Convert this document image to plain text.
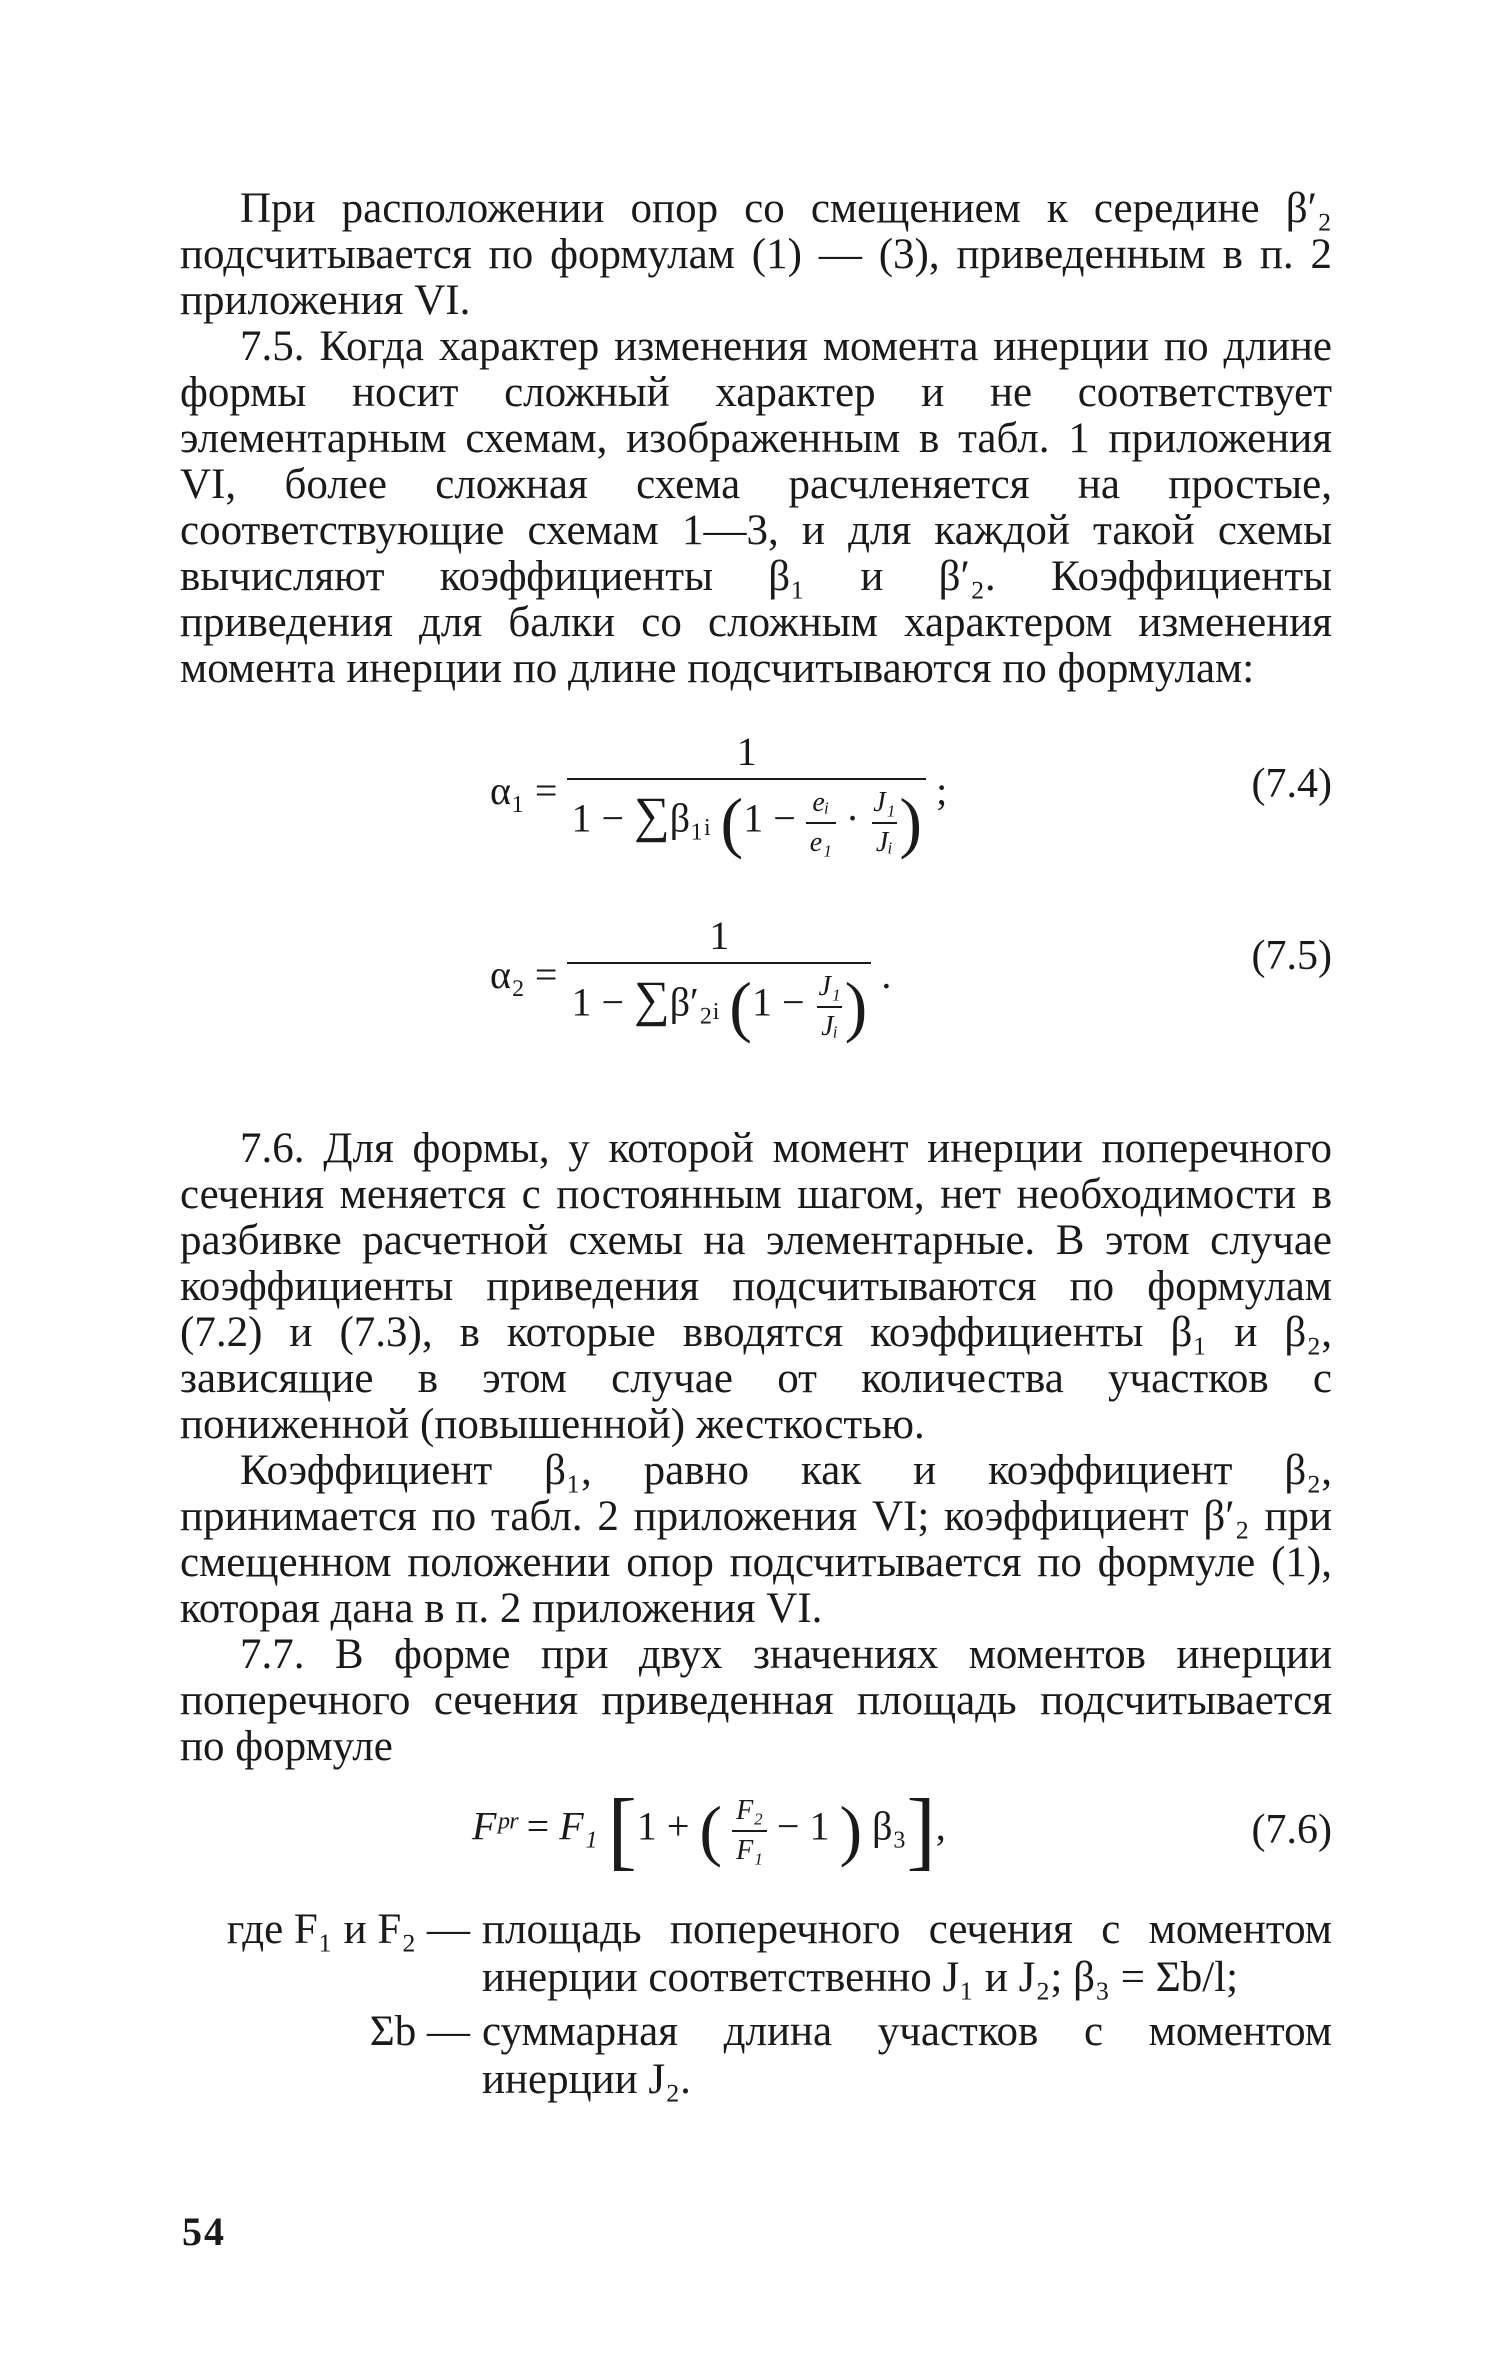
При расположении опор со смещением к середине β′₂ подсчитывается по формулам (1) — (3), приведенным в п. 2 приложения VI.

7.5. Когда характер изменения момента инерции по длине формы носит сложный характер и не соответствует элементарным схемам, изображенным в табл. 1 приложения VI, более сложная схема расчленяется на простые, соответствующие схемам 1—3, и для каждой такой схемы вычисляют коэффициенты β₁ и β′₂. Коэффициенты приведения для балки со сложным характером изменения момента инерции по длине подсчитываются по формулам:

α₁ =
1
1 − ∑β₁ᵢ ($1 - \frac{\text{eᵢ}}{\text{e₁}} \cdot \frac{\text{J₁}}{\text{Jᵢ}}$ ) ;	(7.4)
α₂ =
1
1 − ∑β′₂ᵢ ($1 - \frac{\text{J₁}}{\text{Jᵢ}}$ ) .	(7.5)

7.6. Для формы, у которой момент инерции поперечного сечения меняется с постоянным шагом, нет необходимости в разбивке расчетной схемы на элементарные. В этом случае коэффициенты приведения подсчитываются по формулам (7.2) и (7.3), в которые вводятся коэффициенты β₁ и β₂, зависящие в этом случае от количества участков с пониженной (повышенной) жесткостью.

Коэффициент β₁, равно как и коэффициент β₂, принимается по табл. 2 приложения VI; коэффициент β′₂ при смещенном положении опор подсчитывается по формуле (1), которая дана в п. 2 приложения VI.

7.7. В форме при двух значениях моментов инерции поперечного сечения приведенная площадь подсчитывается по формуле

Fᵖʳ = F₁ [1 + ( $\frac{\text{F₂}}{\text{F₁}} - 1$ ) β₃],	(7.6)
где F₁ и F₂ — площадь поперечного сечения с моментом инерции соответственно J₁ и J₂; β₃ = Σb/l;
Σb — суммарная длина участков с моментом инерции J₂.
54
